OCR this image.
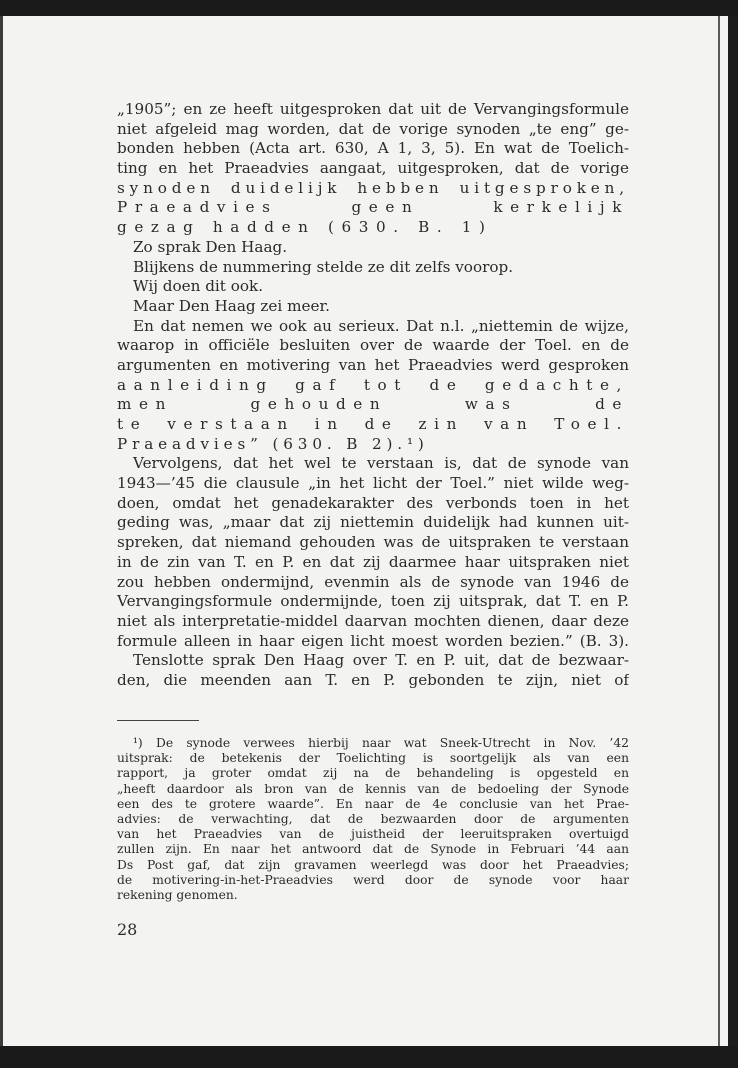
„1905”; en ze heeft uitgesproken dat uit de Vervangingsformule
niet afgeleid mag worden, dat de vorige synoden „te eng” ge-
bonden hebben (Acta art. 630, A 1, 3, 5). En wat de Toelich-
ting en het Praeadvies aangaat, uitgesproken, dat de vorige
synoden duidelijk hebben uitgesproken,
Praeadvies geen kerkelijk
gezag hadden (630. B. 1)
Zo sprak Den Haag.
Blijkens de nummering stelde ze dit zelfs voorop.
Wij doen dit ook.
Maar Den Haag zei meer.
En dat nemen we ook au serieux. Dat n.l. „niettemin de wijze,
waarop in officiële besluiten over de waarde der Toel. en de
argumenten en motivering van het Praeadvies werd gesproken
aanleiding gaf tot de gedachte,
men gehouden was de
te verstaan in de zin van Toel.
Praeadvies” (630. B 2).¹)
Vervolgens, dat het wel te verstaan is, dat de synode van
1943—’45 die clausule „in het licht der Toel.” niet wilde weg-
doen, omdat het genadekarakter des verbonds toen in het
geding was, „maar dat zij niettemin duidelijk had kunnen uit-
spreken, dat niemand gehouden was de uitspraken te verstaan
in de zin van T. en P. en dat zij daarmee haar uitspraken niet
zou hebben ondermijnd, evenmin als de synode van 1946 de
Vervangingsformule ondermijnde, toen zij uitsprak, dat T. en P.
niet als interpretatie-middel daarvan mochten dienen, daar deze
formule alleen in haar eigen licht moest worden bezien.” (B. 3).
Tenslotte sprak Den Haag over T. en P. uit, dat de bezwaar-
den, die meenden aan T. en P. gebonden te zijn, niet of
¹) De synode verwees hierbij naar wat Sneek-Utrecht in Nov. ’42
uitsprak: de betekenis der Toelichting is soortgelijk als van een
rapport, ja groter omdat zij na de behandeling is opgesteld en
„heeft daardoor als bron van de kennis van de bedoeling der Synode
een des te grotere waarde”. En naar de 4e conclusie van het Prae-
advies: de verwachting, dat de bezwaarden door de argumenten
van het Praeadvies van de juistheid der leeruitspraken overtuigd
zullen zijn. En naar het antwoord dat de Synode in Februari ’44 aan
Ds Post gaf, dat zijn gravamen weerlegd was door het Praeadvies;
de motivering-in-het-Praeadvies werd door de synode voor haar
rekening genomen.
28
